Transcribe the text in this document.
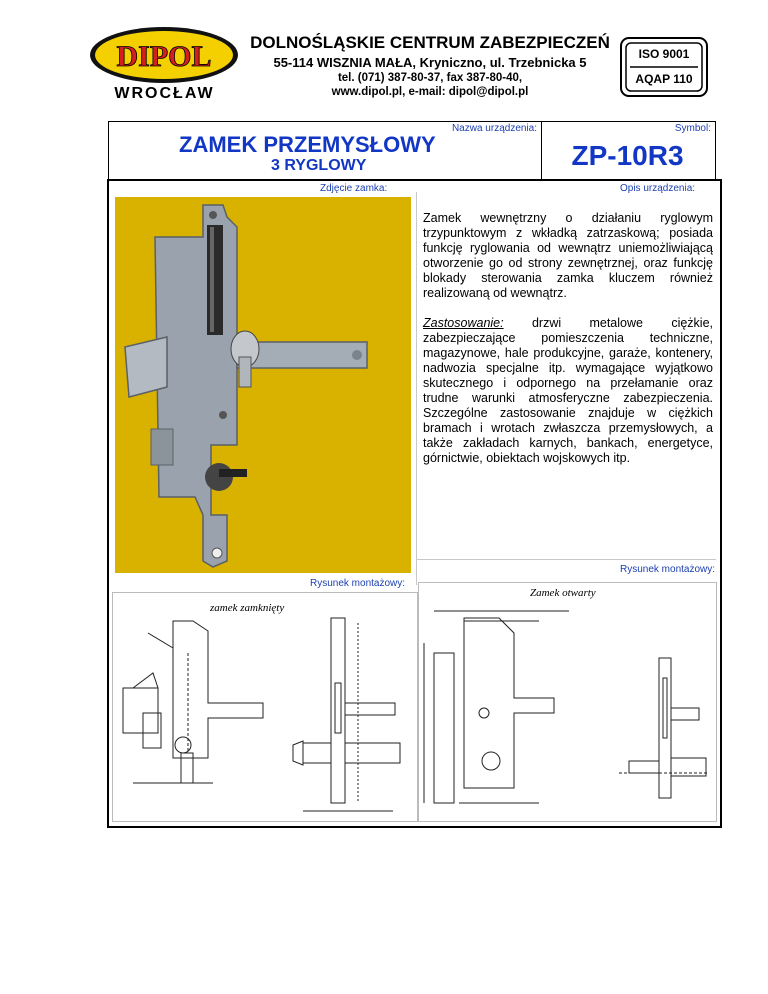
DIPOL
WROCŁAW
DOLNOŚLĄSKIE CENTRUM ZABEZPIECZEŃ
55-114 WISZNIA MAŁA, Kryniczno, ul. Trzebnicka 5
tel. (071) 387-80-37, fax 387-80-40,
www.dipol.pl, e-mail: dipol@dipol.pl
ISO 9001
AQAP 110
Nazwa urządzenia:
ZAMEK PRZEMYSŁOWY
3 RYGLOWY
Symbol:
ZP-10R3
Zdjęcie zamka:	Opis urządzenia:

Zamek wewnętrzny o działaniu ryglowym trzypunktowym z wkładką zatrzaskową; posiada funkcję ryglowania od wewnątrz uniemożliwiającą otworzenie go od strony zewnętrznej, oraz funkcję blokady sterowania zamka kluczem również realizowaną od wewnątrz.

Zastosowanie: drzwi metalowe ciężkie, zabezpieczające pomieszczenia techniczne, magazynowe, hale produkcyjne, garaże, kontenery, nadwozia specjalne itp. wymagające wyjątkowo skutecznego i odpornego na przełamanie oraz trudne warunki atmosferyczne zabezpieczenia. Szczególne zastosowanie znajduje w ciężkich bramach i wrotach zwłaszcza przemysłowych, a także zakładach karnych, bankach, energetyce, górnictwie, obiektach wojskowych itp.

Rysunek montażowy:
Rysunek montażowy:
zamek zamknięty
Zamek otwarty
